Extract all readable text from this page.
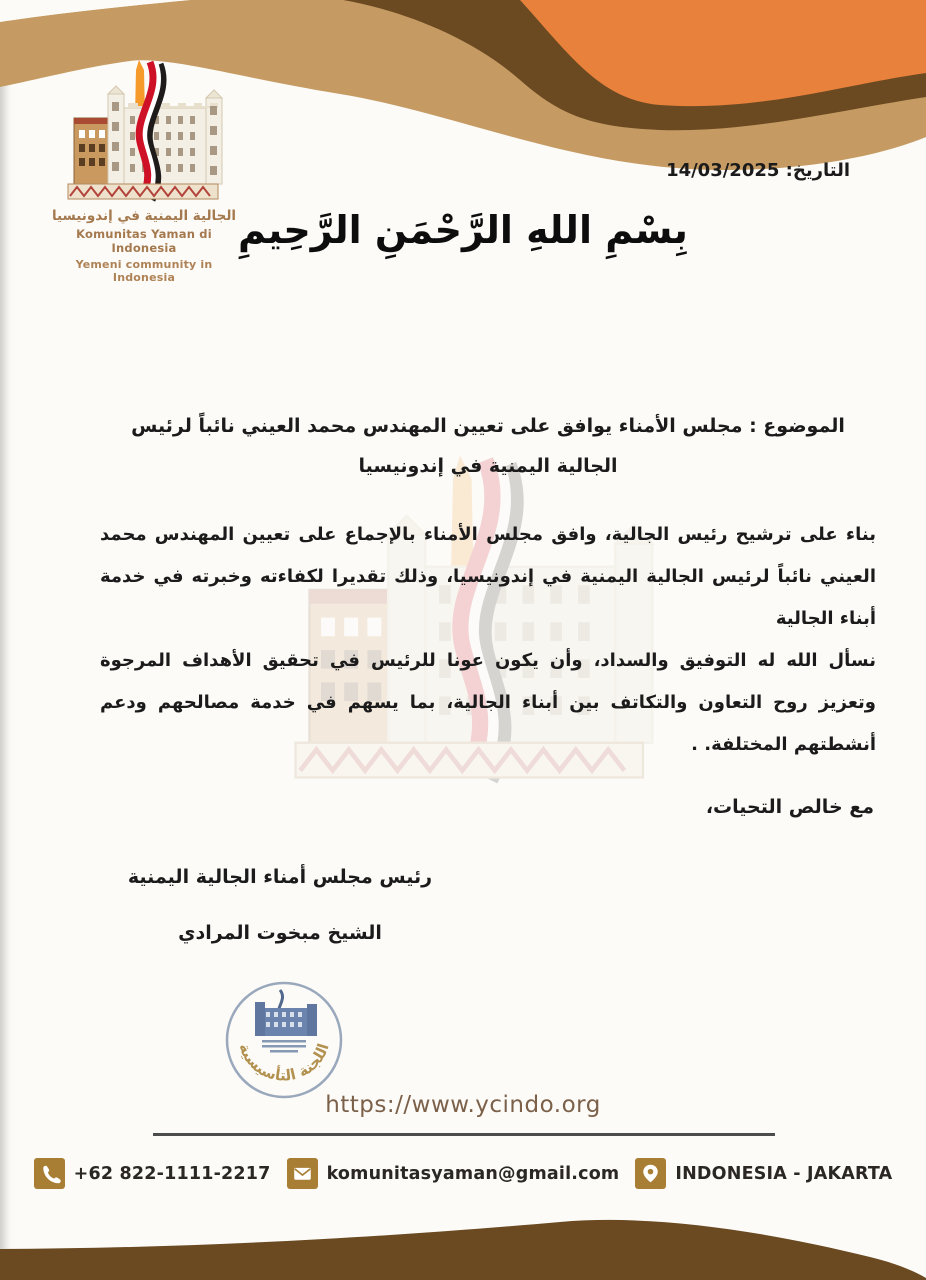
الجالية اليمنية في إندونيسيا
Komunitas Yaman di Indonesia
Yemeni community in Indonesia
التاريخ: 14/03/2025
بِسْمِ اللهِ الرَّحْمَنِ الرَّحِيمِ
الموضوع : مجلس الأمناء يوافق على تعيين المهندس محمد العيني نائباً لرئيس الجالية اليمنية في إندونيسيا
بناء على ترشيح رئيس الجالية، وافق مجلس الأمناء بالإجماع على تعيين المهندس محمد العيني نائباً لرئيس الجالية اليمنية في إندونيسيا، وذلك تقديرا لكفاءته وخبرته في خدمة أبناء الجالية
نسأل الله له التوفيق والسداد، وأن يكون عونا للرئيس في تحقيق الأهداف المرجوة وتعزيز روح التعاون والتكاتف بين أبناء الجالية، بما يسهم في خدمة مصالحهم ودعم أنشطتهم المختلفة. .
مع خالص التحيات،
رئيس مجلس أمناء الجالية اليمنية
الشيخ مبخوت المرادي
اللجنة التأسيسية
https://www.ycindo.org
+62 822-1111-2217	komunitasyaman@gmail.com	INDONESIA - JAKARTA
